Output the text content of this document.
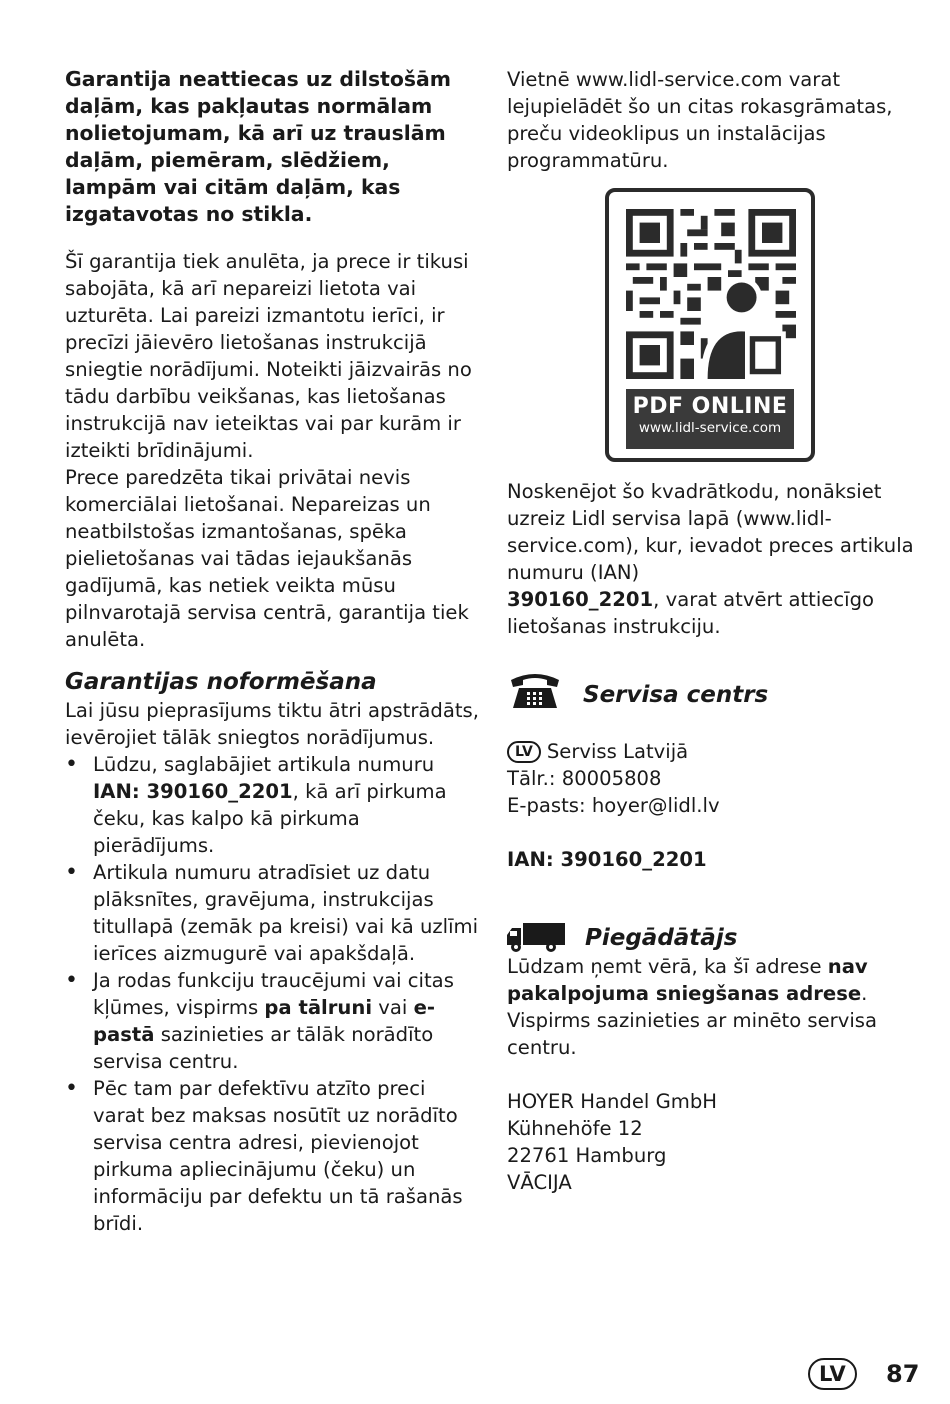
Garantija neattiecas uz dilstošām daļām, kas pakļautas normālam nolietojumam, kā arī uz trauslām daļām, piemēram, slēdžiem, lampām vai citām daļām, kas izgatavotas no stikla.

Šī garantija tiek anulēta, ja prece ir tikusi sabojāta, kā arī nepareizi lietota vai uzturēta. Lai pareizi izmantotu ierīci, ir precīzi jāievēro lietošanas instrukcijā sniegtie norādījumi. Noteikti jāizvairās no tādu darbību veikšanas, kas lietošanas instrukcijā nav ieteiktas vai par kurām ir izteikti brīdinājumi.

Prece paredzēta tikai privātai nevis komerciālai lietošanai. Nepareizas un neatbilstošas izmantošanas, spēka pielietošanas vai tādas iejaukšanās gadījumā, kas netiek veikta mūsu pilnvarotajā servisa centrā, garantija tiek anulēta.

Garantijas noformēšana

Lai jūsu pieprasījums tiktu ātri apstrādāts, ievērojiet tālāk sniegtos norādījumus.

• Lūdzu, saglabājiet artikula numuru
IAN: 390160_2201, kā arī pirkuma čeku, kas kalpo kā pirkuma pierādījums.
• Artikula numuru atradīsiet uz datu plāksnītes, gravējuma, instrukcijas titullapā (zemāk pa kreisi) vai kā uzlīmi ierīces aizmugurē vai apakšdaļā.
• Ja rodas funkciju traucējumi vai citas kļūmes, vispirms pa tālruni vai e-pastā sazinieties ar tālāk norādīto servisa centru.
• Pēc tam par defektīvu atzīto preci varat bez maksas nosūtīt uz norādīto servisa centra adresi, pievienojot pirkuma apliecinājumu (čeku) un informāciju par defektu un tā rašanās brīdi.

Vietnē www.lidl-service.com varat lejupielādēt šo un citas rokasgrāmatas, preču videoklipus un instalācijas programmatūru.

PDF ONLINE
www.lidl-service.com

Noskenējot šo kvadrātkodu, nonāksiet uzreiz Lidl servisa lapā (www.lidl-service.com), kur, ievadot preces artikula numuru (IAN)
390160_2201, varat atvērt attiecīgo lietošanas instrukciju.

Servisa centrs

LV Serviss Latvijā

Tālr.: 80005808

E-pasts: hoyer@lidl.lv

IAN: 390160_2201

Piegādātājs

Lūdzam ņemt vērā, ka šī adrese nav pakalpojuma sniegšanas adrese.

Vispirms sazinieties ar minēto servisa centru.

HOYER Handel GmbH

Kühnehöfe 12

22761 Hamburg

VĀCIJA

LV	87
